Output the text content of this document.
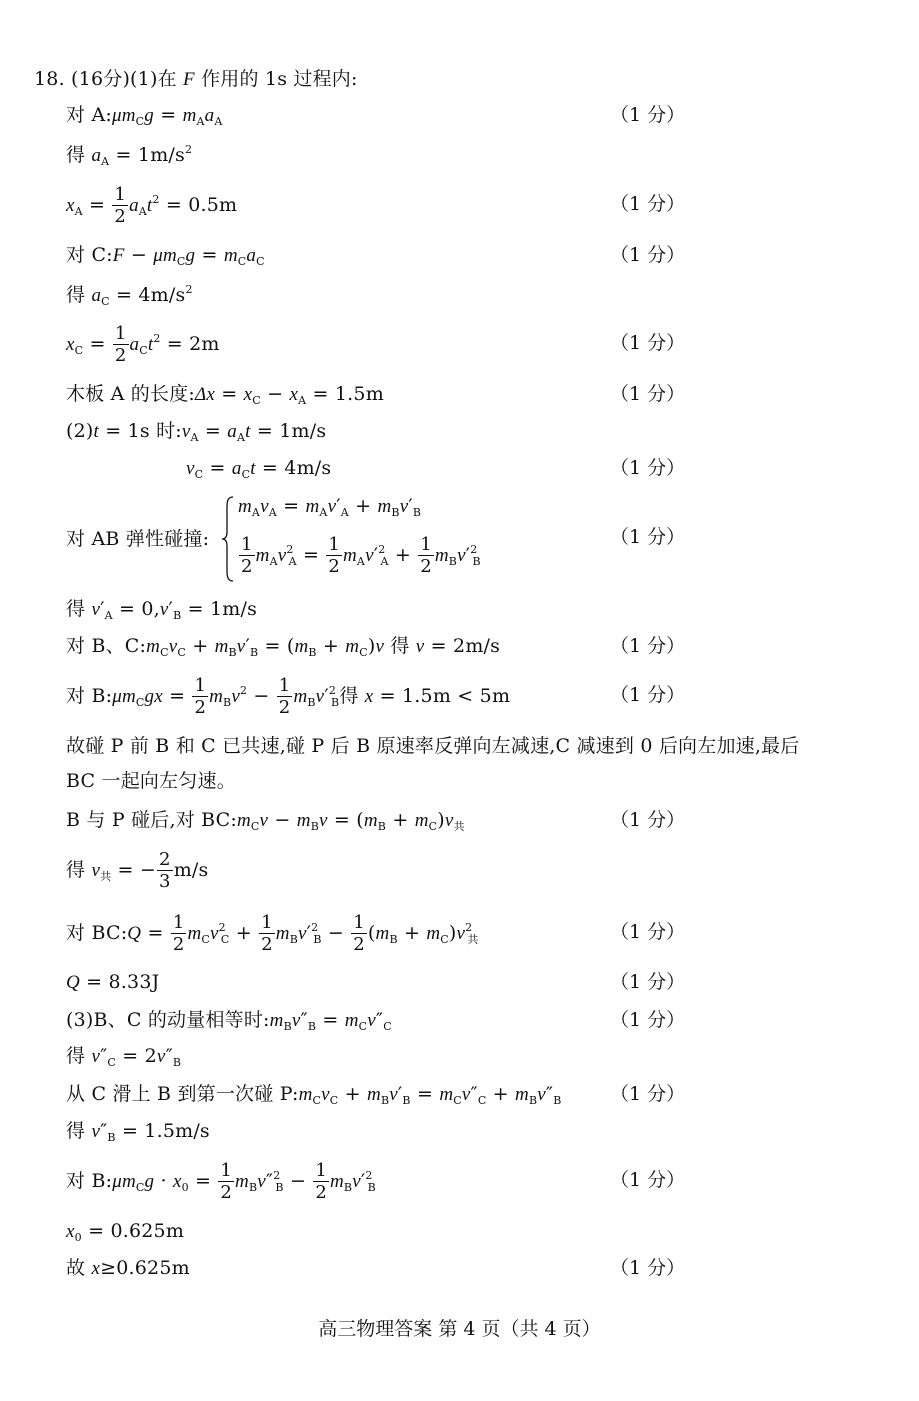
18. (16分)(1)在 F 作用的 1s 过程内:
对 $A:\mu m_Cg = m_Aa_A$	（1 分）
得 $a_A = 1m/s^2$
$x_A = \frac{1}{2} a_At^2 = 0.5m$	（1 分）
对 C:F − $\mu m_Cg = m_Ca_C$	（1 分）
得 $a_C = 4m/s^2$
$x_C = \frac{1}{2} a_Ct^2 = 2m$	（1 分）
木板 A 的长度:Δx = $x_C - x_A = 1.5m$	（1 分）
(2)t = 1s 时$:v_A = a_At = 1m/s$
$v_C = a_Ct = 4m/s$	（1 分）
对 AB 弹性碰撞:
$m_Av_A = m_Av'_A + m_Bv'_B$
$\frac{1}{2} m_Av^2_A = \frac{1}{2} m_Av'^2_A + \frac{1}{2} m_Bv'^2_B$
（1 分）
得 $v'_A = 0,v'_B = 1m/s$
对 B、$C:m_Cv_C + m_Bv'_B = (m_B + m_C)v$ 得 v = 2m/s	（1 分）
对 $B:\mu m_Cgx = \frac{1}{2} m_Bv^2 - \frac{1}{2} m_Bv'^2_B$得 x = 1.5m < 5m	（1 分）
故碰 P 前 B 和 C 已共速,碰 P 后 B 原速率反弹向左减速,C 减速到 0 后向左加速,最后
BC 一起向左匀速。
B 与 P 碰后,对 $BC:m_Cv - m_Bv = (m_B + m_C)v_共$	（1 分）
得 $v_共$ = − $\frac{2}{3} m/s$
对 BC:Q = $\frac{1}{2} m_Cv^2_C + \frac{1}{2} m_Bv'^2_B - \frac{1}{2} (m_B + m_C)v^2_共$	（1 分）
Q = 8.33J	（1 分）
(3)B、C 的动量相等时$:m_Bv''_B = m_Cv''_C$	（1 分）
得 $v''_C = 2v''_B$
从 C 滑上 B 到第一次碰 $P:m_Cv_C + m_Bv'_B = m_Cv''_C + m_Bv''_B$	（1 分）
得 $v''_B = 1.5m/s$
对 $B:\mu m_Cg \cdot x_0 = \frac{1}{2} m_Bv''^2_B - \frac{1}{2} m_Bv'^2_B$	（1 分）
$x_0 = 0.625m$
故 x≥0.625m	（1 分）
高三物理答案 第 4 页（共 4 页）
